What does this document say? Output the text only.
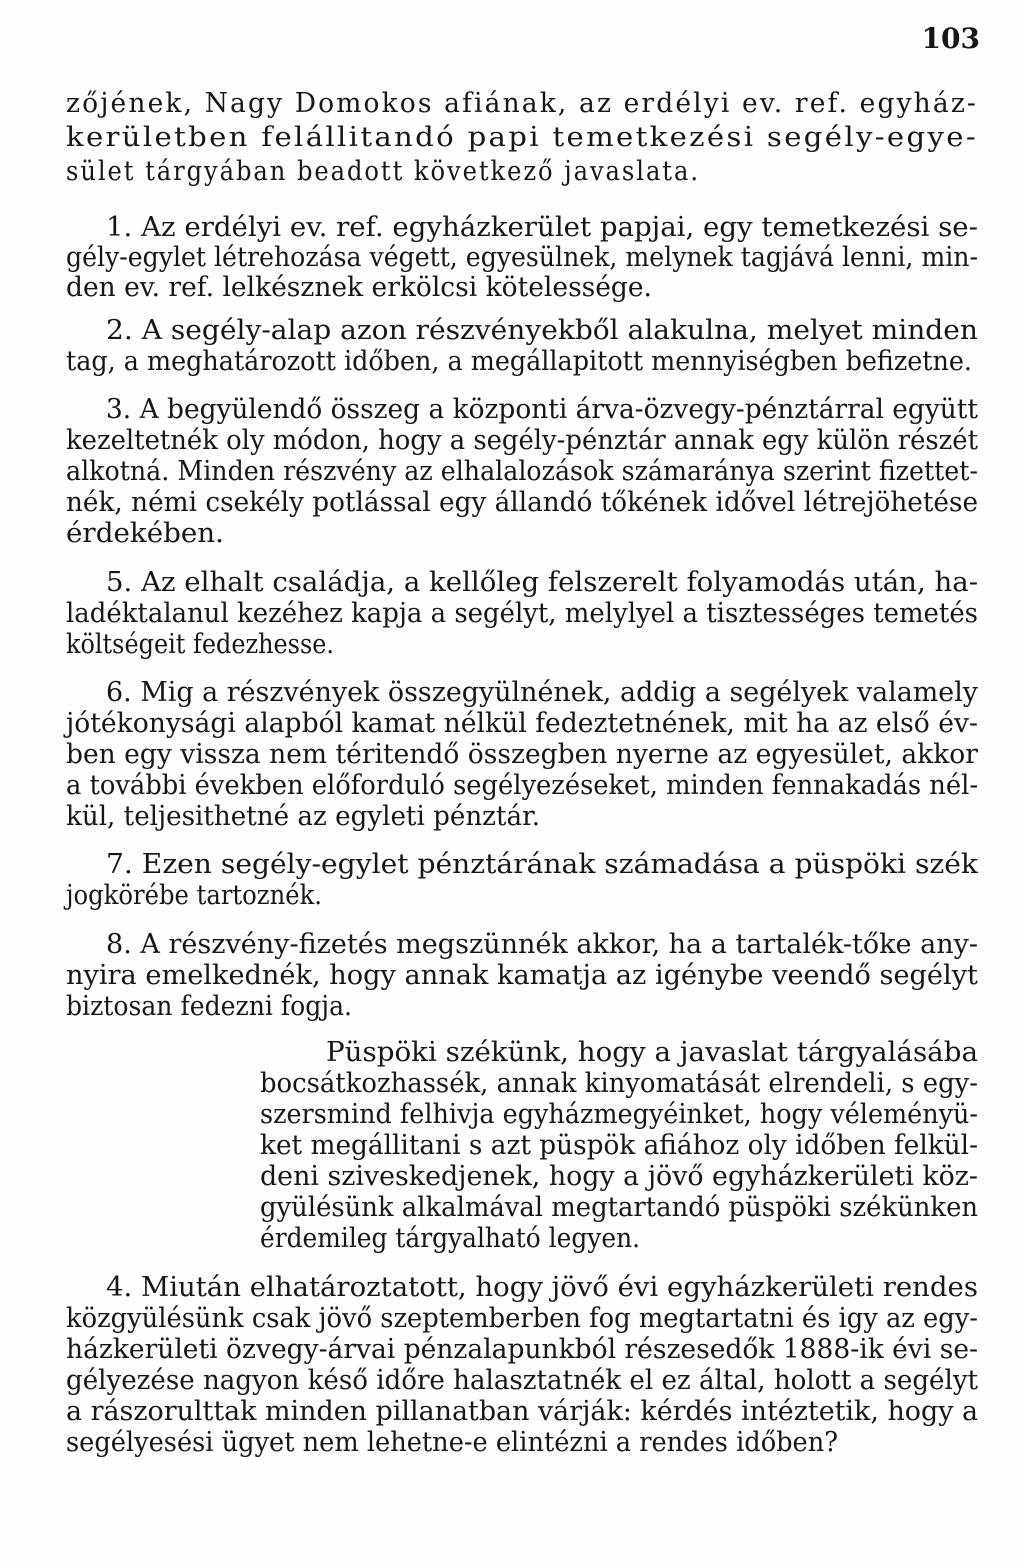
103
zőjének, Nagy Domokos afiának, az erdélyi ev. ref. egyház-
kerületben felállitandó papi temetkezési segély-egye-
sület tárgyában beadott következő javaslata.
1. Az erdélyi ev. ref. egyházkerület papjai, egy temetkezési se-
gély-egylet létrehozása végett, egyesülnek, melynek tagjává lenni, min-
den ev. ref. lelkésznek erkölcsi kötelessége.
2. A segély-alap azon részvényekből alakulna, melyet minden
tag, a meghatározott időben, a megállapitott mennyiségben befizetne.
3. A begyülendő összeg a központi árva-özvegy-pénztárral együtt
kezeltetnék oly módon, hogy a segély-pénztár annak egy külön részét
alkotná. Minden részvény az elhalalozások számaránya szerint fizettet-
nék, némi csekély potlással egy állandó tőkének idővel létrejöhetése
érdekében.
5. Az elhalt családja, a kellőleg felszerelt folyamodás után, ha-
ladéktalanul kezéhez kapja a segélyt, melylyel a tisztességes temetés
költségeit fedezhesse.
6. Mig a részvények összegyülnének, addig a segélyek valamely
jótékonysági alapból kamat nélkül fedeztetnének, mit ha az első év-
ben egy vissza nem téritendő összegben nyerne az egyesület, akkor
a további években előforduló segélyezéseket, minden fennakadás nél-
kül, teljesithetné az egyleti pénztár.
7. Ezen segély-egylet pénztárának számadása a püspöki szék
jogkörébe tartoznék.
8. A részvény-fizetés megszünnék akkor, ha a tartalék-tőke any-
nyira emelkednék, hogy annak kamatja az igénybe veendő segélyt
biztosan fedezni fogja.
Püspöki székünk, hogy a javaslat tárgyalásába
bocsátkozhassék, annak kinyomatását elrendeli, s egy-
szersmind felhivja egyházmegyéinket, hogy véleményü-
ket megállitani s azt püspök afiához oly időben felkül-
deni sziveskedjenek, hogy a jövő egyházkerületi köz-
gyülésünk alkalmával megtartandó püspöki székünken
érdemileg tárgyalható legyen.
4. Miután elhatároztatott, hogy jövő évi egyházkerületi rendes
közgyülésünk csak jövő szeptemberben fog megtartatni és igy az egy-
házkerületi özvegy-árvai pénzalapunkból részesedők 1888-ik évi se-
gélyezése nagyon késő időre halasztatnék el ez által, holott a segélyt
a rászorulttak minden pillanatban várják: kérdés intéztetik, hogy a
segélyesési ügyet nem lehetne-e elintézni a rendes időben?
